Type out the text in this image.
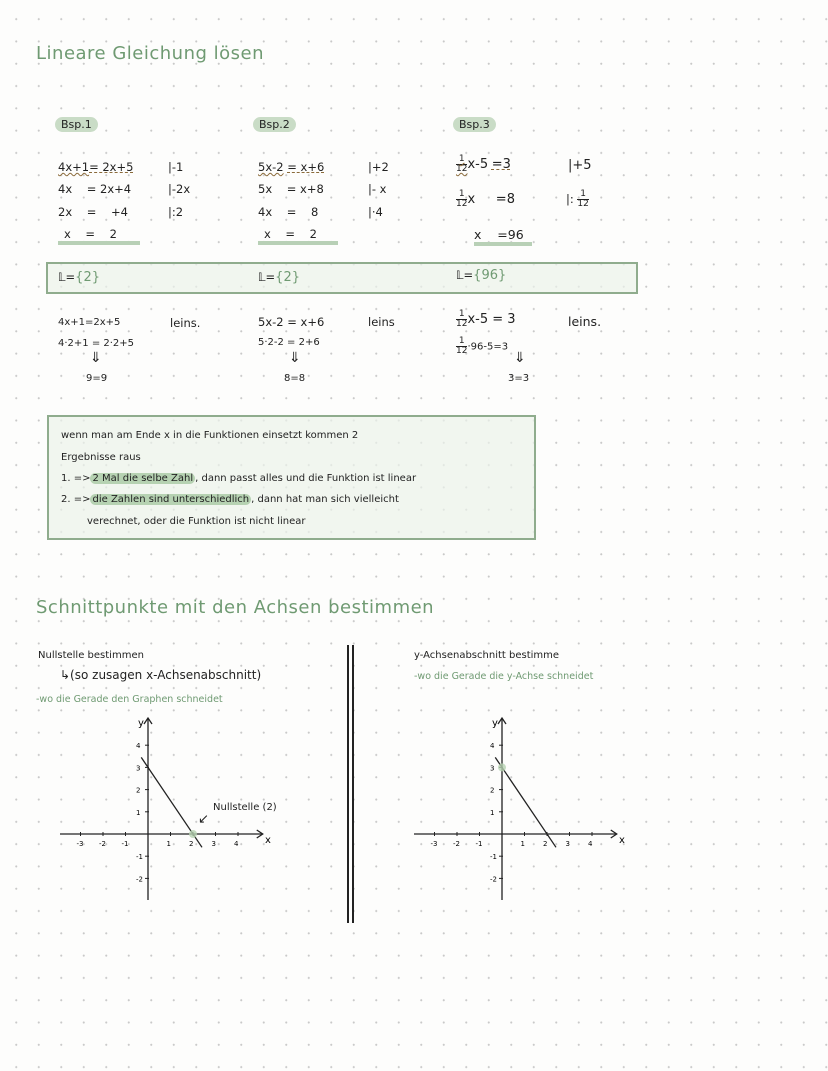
Lineare Gleichung lösen
Bsp.1
4x+1= 2x+5	|-1
4x    = 2x+4	|-2x
2x    =    +4	|:2
x    =    2
Bsp.2
5x-2 = x+6	|+2
5x    = x+8	|- x
4x    =    8	|·4
x    =    2
Bsp.3
$\frac{1}{12} x-5 =3$	|+5
$\frac{1}{12}$ x     =8	|: $\frac{1}{12}$
x    =96
𝕃={2}	𝕃={2}	𝕃={96}
4x+1=2x+5	leins.
4·2+1 = 2·2+5
⇓
9=9
5x-2 = x+6	leins
5·2-2 = 2+6
⇓
8=8
$\frac{1}{12} x-5 = 3$	leins.
$\frac{1}{12} \cdot 96-5=3$
⇓
3=3
wenn man am Ende x in die Funktionen einsetzt kommen 2
Ergebnisse raus
1. => 2 Mal die selbe Zahl , dann passt alles und die Funktion ist linear
2. => die Zahlen sind unterschiedlich , dann hat man sich vielleicht
verechnet, oder die Funktion ist nicht linear
Schnittpunkte mit den Achsen bestimmen
Nullstelle bestimmen
↳(so zusagen x-Achsenabschnitt)
-wo die Gerade den Graphen schneidet
y-Achsenabschnitt bestimme
-wo die Gerade die y-Achse schneidet
x
y
-3 -2 -1	1	2	3	4
-2
-1
1
2
3
4
x
y
-3 -2 -1	1	2	3	4
-2
-1
1
2
3
4
Nullstelle (2)
↙
